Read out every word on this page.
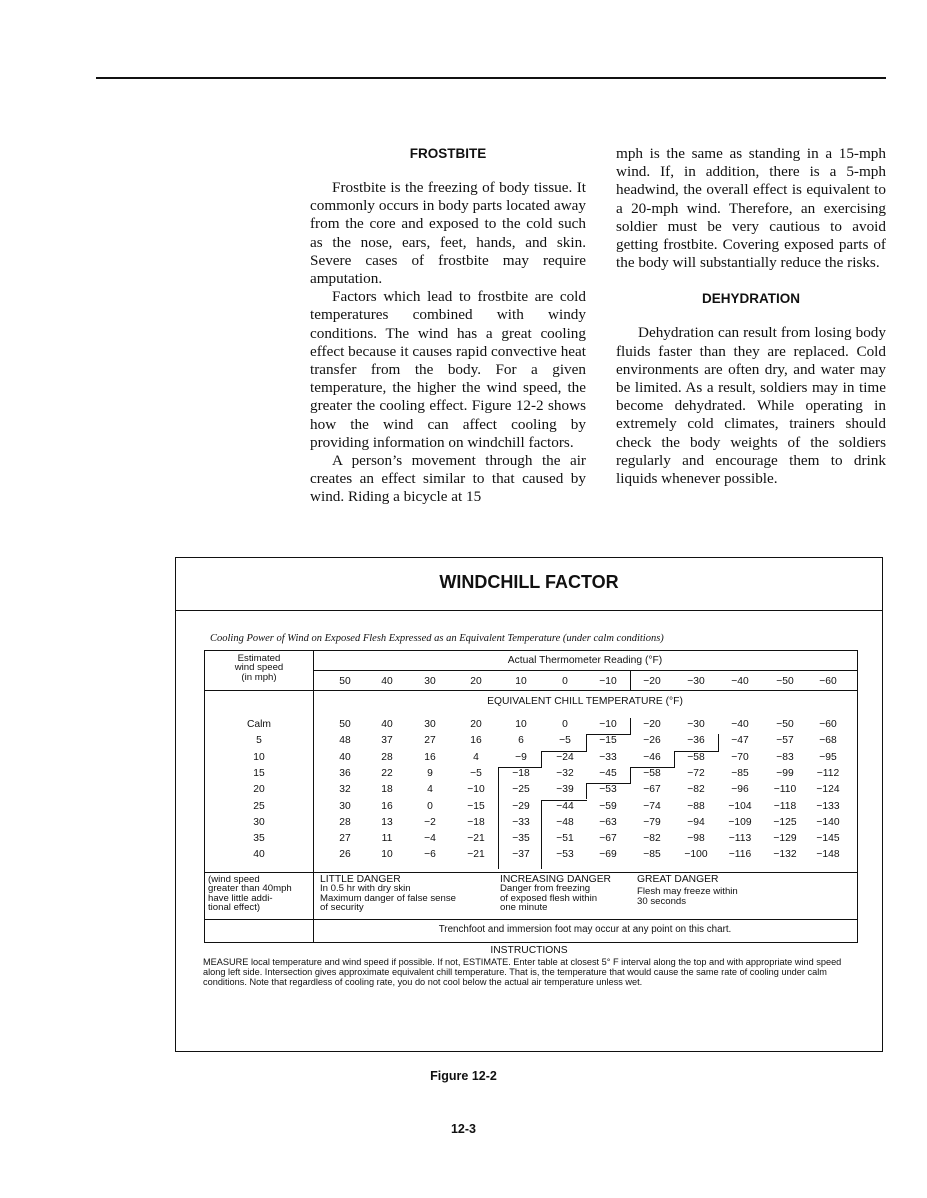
FROSTBITE

Frostbite is the freezing of body tissue. It commonly occurs in body parts located away from the core and exposed to the cold such as the nose, ears, feet, hands, and skin. Severe cases of frostbite may require amputation.

Factors which lead to frostbite are cold temperatures combined with windy conditions. The wind has a great cooling effect because it causes rapid convective heat transfer from the body. For a given temperature, the higher the wind speed, the greater the cooling effect. Figure 12-2 shows how the wind can affect cooling by providing information on windchill factors.

A person’s movement through the air creates an effect similar to that caused by wind. Riding a bicycle at 15

mph is the same as standing in a 15-mph wind. If, in addition, there is a 5-mph headwind, the overall effect is equivalent to a 20-mph wind. Therefore, an exercising soldier must be very cautious to avoid getting frostbite. Covering exposed parts of the body will substantially reduce the risks.

DEHYDRATION

Dehydration can result from losing body fluids faster than they are replaced. Cold environments are often dry, and water may be limited. As a result, soldiers may in time become dehydrated. While operating in extremely cold climates, trainers should check the body weights of the soldiers regularly and encourage them to drink liquids whenever possible.

WINDCHILL FACTOR
Cooling Power of Wind on Exposed Flesh Expressed as an Equivalent Temperature (under calm conditions)
Estimated
wind speed
(in mph)
Actual Thermometer Reading (°F)
EQUIVALENT CHILL TEMPERATURE (°F)
(wind speed
greater than 40mph
have little addi-
tional effect)
LITTLE DANGER
In 0.5 hr with dry skin
Maximum danger of false sense
of security
INCREASING DANGER
Danger from freezing
of exposed flesh within
one minute
GREAT DANGER
Flesh may freeze within
30 seconds
Trenchfoot and immersion foot may occur at any point on this chart.
50	40	30	20	10	0	−10	−20	−30	−40	−50	−60
Calm	50	40	30	20	10	0	−10	−20	−30	−40	−50	−60
5	48	37	27	16	6	−5	−15	−26	−36	−47	−57	−68
10	40	28	16	4	−9	−24	−33	−46	−58	−70	−83	−95
15	36	22	9	−5	−18	−32	−45	−58	−72	−85	−99	−112
20	32	18	4	−10	−25	−39	−53	−67	−82	−96	−110	−124
25	30	16	0	−15	−29	−44	−59	−74	−88	−104	−118	−133
30	28	13	−2	−18	−33	−48	−63	−79	−94	−109	−125	−140
35	27	11	−4	−21	−35	−51	−67	−82	−98	−113	−129	−145
40	26	10	−6	−21	−37	−53	−69	−85	−100	−116	−132	−148
INSTRUCTIONS
MEASURE local temperature and wind speed if possible. If not, ESTIMATE. Enter table at closest 5° F interval along the top and with appropriate wind speed along left side. Intersection gives approximate equivalent chill temperature. That is, the temperature that would cause the same rate of cooling under calm conditions. Note that regardless of cooling rate, you do not cool below the actual air temperature unless wet.
Figure 12-2
12-3
